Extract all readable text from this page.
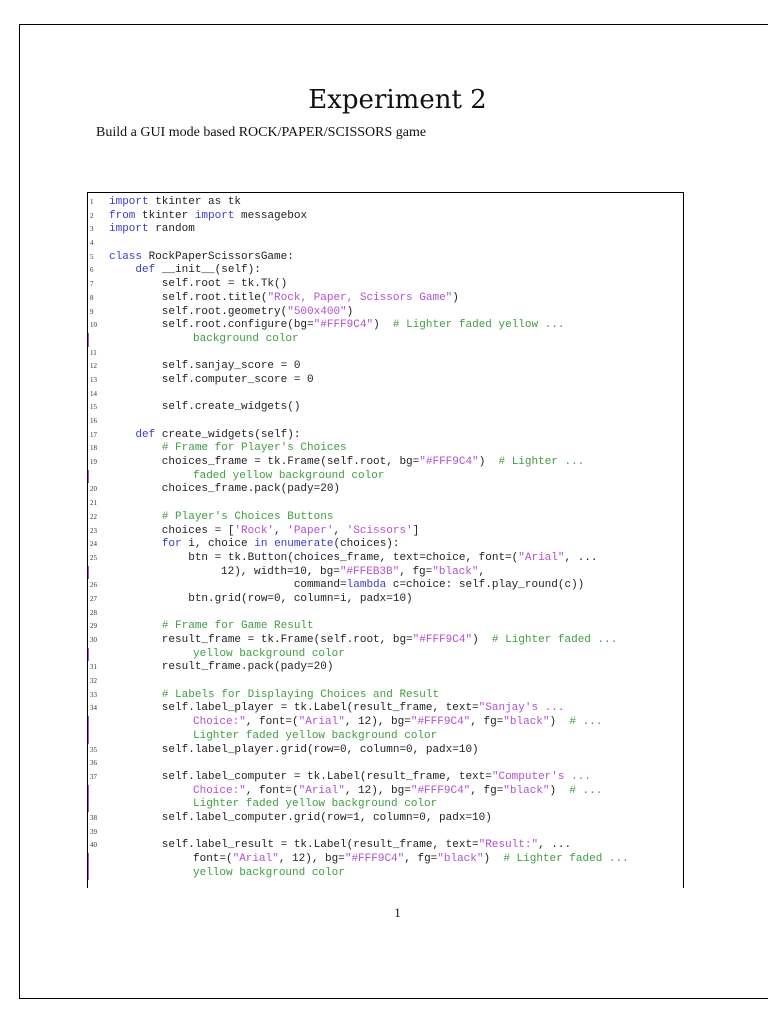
Experiment 2

Build a GUI mode based ROCK/PAPER/SCISSORS game

1	import tkinter as tk
2	from tkinter import messagebox
3	import random
4
5	class RockPaperScissorsGame:
6	def __init__(self):
7	self.root = tk.Tk()
8	self.root.title("Rock, Paper, Scissors Game")
9	self.root.geometry("500x400")
10	self.root.configure(bg="#FFF9C4")  # Lighter faded yellow ...
background color
11
12	self.sanjay_score = 0
13	self.computer_score = 0
14
15	self.create_widgets()
16
17	def create_widgets(self):
18	# Frame for Player's Choices
19	choices_frame = tk.Frame(self.root, bg="#FFF9C4")  # Lighter ...
faded yellow background color
20	choices_frame.pack(pady=20)
21
22	# Player's Choices Buttons
23	choices = ['Rock', 'Paper', 'Scissors']
24	for i, choice in enumerate(choices):
25	btn = tk.Button(choices_frame, text=choice, font=("Arial", ...
12), width=10, bg="#FFEB3B", fg="black",
26	command=lambda c=choice: self.play_round(c))
27	btn.grid(row=0, column=i, padx=10)
28
29	# Frame for Game Result
30	result_frame = tk.Frame(self.root, bg="#FFF9C4")  # Lighter faded ...
yellow background color
31	result_frame.pack(pady=20)
32
33	# Labels for Displaying Choices and Result
34	self.label_player = tk.Label(result_frame, text="Sanjay's ...
Choice:", font=("Arial", 12), bg="#FFF9C4", fg="black")  # ...
Lighter faded yellow background color
35	self.label_player.grid(row=0, column=0, padx=10)
36
37	self.label_computer = tk.Label(result_frame, text="Computer's ...
Choice:", font=("Arial", 12), bg="#FFF9C4", fg="black")  # ...
Lighter faded yellow background color
38	self.label_computer.grid(row=1, column=0, padx=10)
39
40	self.label_result = tk.Label(result_frame, text="Result:", ...
font=("Arial", 12), bg="#FFF9C4", fg="black")  # Lighter faded ...
yellow background color
1
